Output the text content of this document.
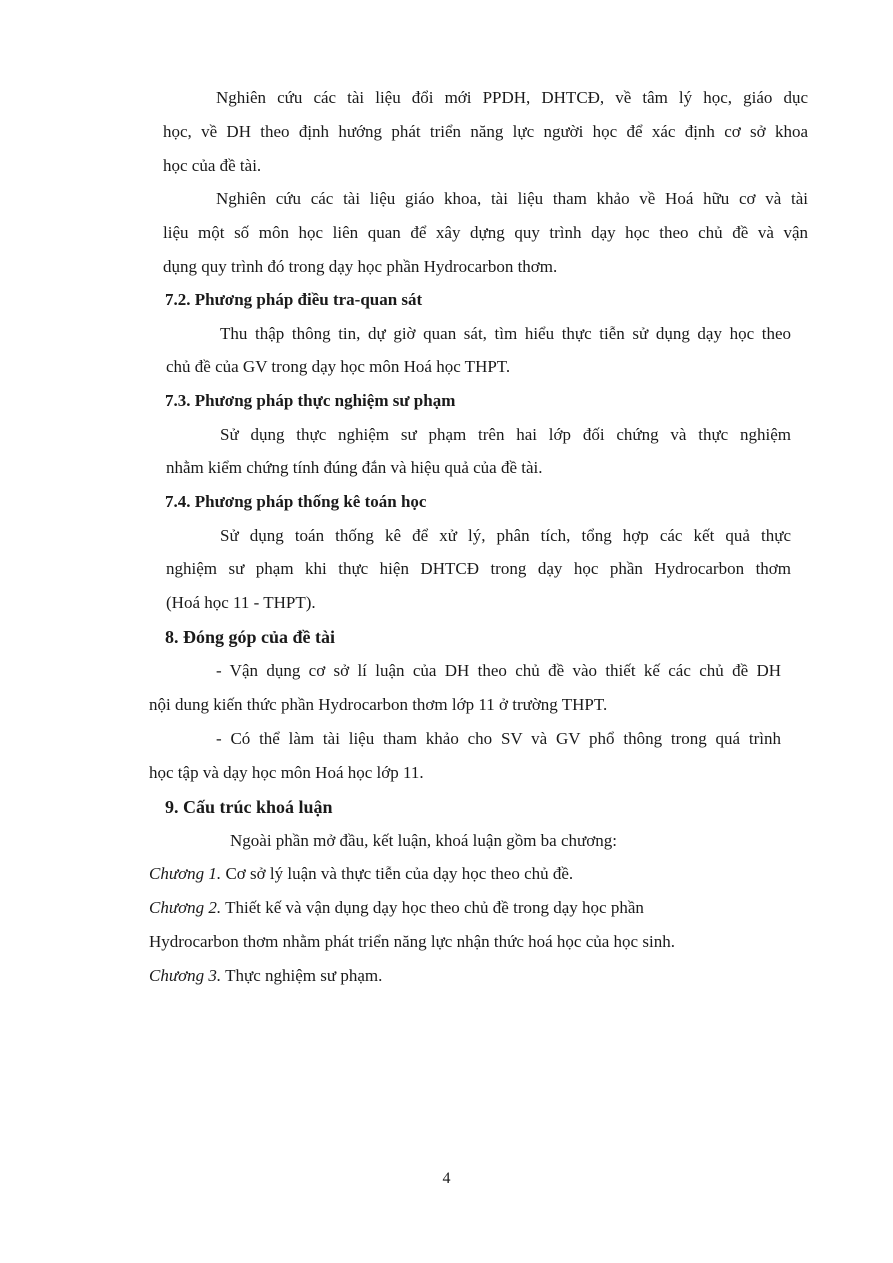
Nghiên cứu các tài liệu đổi mới PPDH, DHTCĐ, về tâm lý học, giáo dục
học, về DH theo định hướng phát triển năng lực người học để xác định cơ sở khoa
học của đề tài.
Nghiên cứu các tài liệu giáo khoa, tài liệu tham khảo về Hoá hữu cơ và tài
liệu một số môn học liên quan để xây dựng quy trình dạy học theo chủ đề và vận
dụng quy trình đó trong dạy học phần Hydrocarbon thơm.
7.2. Phương pháp điều tra-quan sát
Thu thập thông tin, dự giờ quan sát, tìm hiểu thực tiễn sử dụng dạy học theo
chủ đề của GV trong dạy học môn Hoá học THPT.
7.3. Phương pháp thực nghiệm sư phạm
Sử dụng thực nghiệm sư phạm trên hai lớp đối chứng và thực nghiệm
nhằm kiểm chứng tính đúng đắn và hiệu quả của đề tài.
7.4. Phương pháp thống kê toán học
Sử dụng toán thống kê để xử lý, phân tích, tổng hợp các kết quả thực
nghiệm sư phạm khi thực hiện DHTCĐ trong dạy học phần Hydrocarbon thơm
(Hoá học 11 - THPT).
8. Đóng góp của đề tài
- Vận dụng cơ sở lí luận của DH theo chủ đề vào thiết kế các chủ đề DH
nội dung kiến thức phần Hydrocarbon thơm lớp 11 ở trường THPT.
- Có thể làm tài liệu tham khảo cho SV và GV phổ thông trong quá trình
học tập và dạy học môn Hoá học lớp 11.
9. Cấu trúc khoá luận
Ngoài phần mở đầu, kết luận, khoá luận gồm ba chương:
Chương 1. Cơ sở lý luận và thực tiễn của dạy học theo chủ đề.
Chương 2. Thiết kế và vận dụng dạy học theo chủ đề trong dạy học phần
Hydrocarbon thơm nhằm phát triển năng lực nhận thức hoá học của học sinh.
Chương 3. Thực nghiệm sư phạm.
4
